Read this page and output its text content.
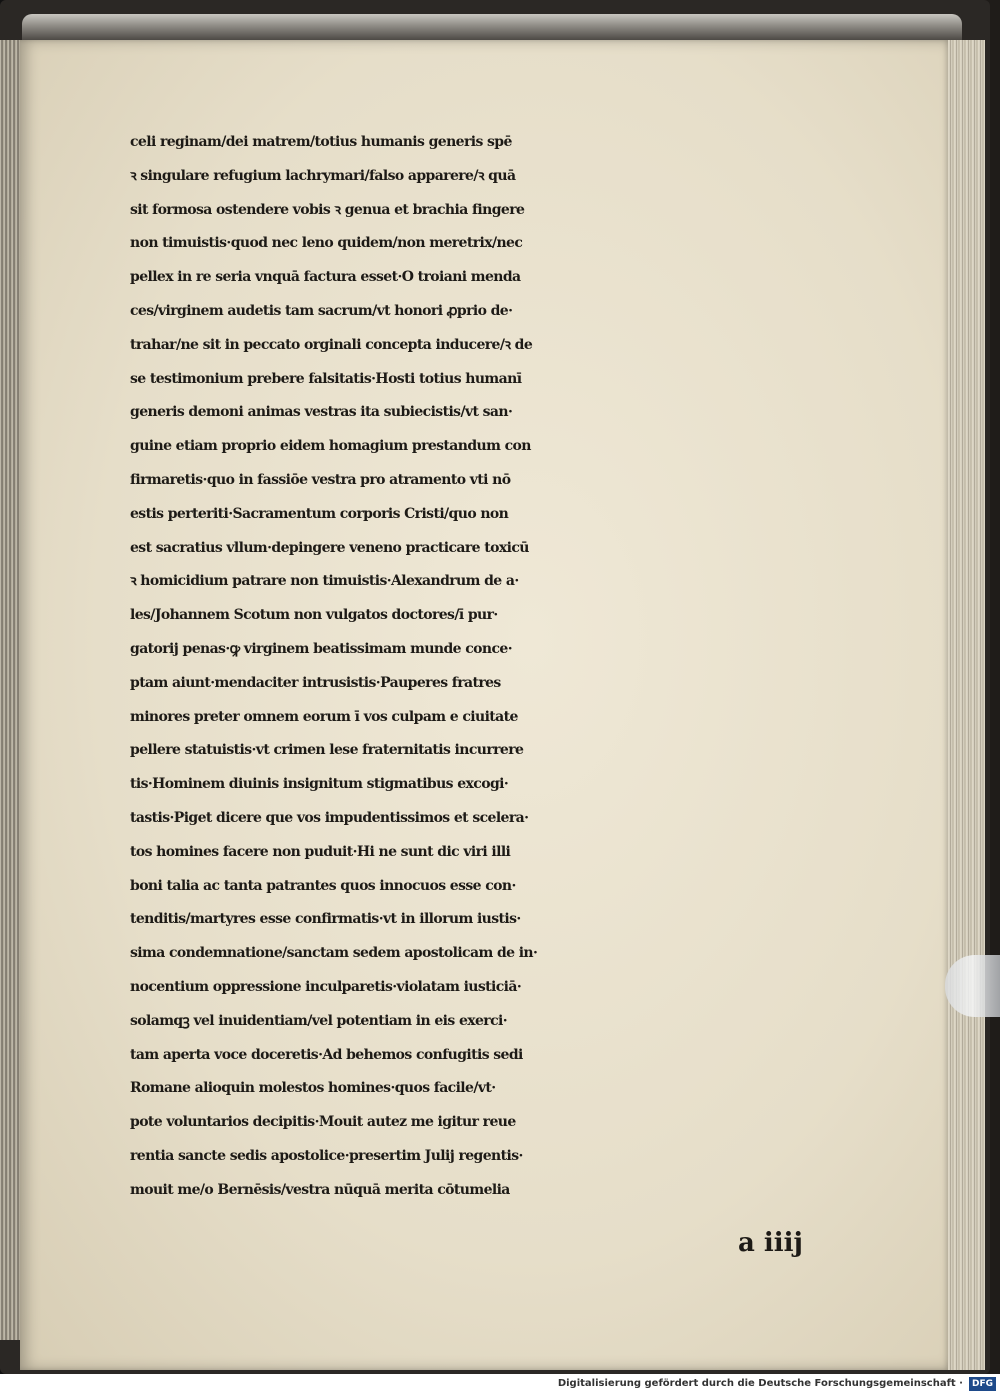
celi reginam/dei matrem/totius humanis generis spē
ꝛ singulare refugium lachrymari/falso apparere/ꝛ quā
sit formosa ostendere vobis ꝛ genua et brachia fingere
non timuistis·quod nec leno quidem/non meretrix/nec
pellex in re seria vnquā factura esset·O troiani menda
ces/virginem audetis tam sacrum/vt honori ꝓprio de·
trahar/ne sit in peccato orginali concepta inducere/ꝛ de
se testimonium prebere falsitatis·Hosti totius humanī
generis demoni animas vestras ita subiecistis/vt san·
guine etiam proprio eidem homagium prestandum con
firmaretis·quo in fassiōe vestra pro atramento vti nō
estis perteriti·Sacramentum corporis Cristi/quo non
est sacratius vllum·depingere veneno practicare toxicū
ꝛ homicidium patrare non timuistis·Alexandrum de a·
les/Johannem Scotum non vulgatos doctores/ī pur·
gatorij penas·ꝙ virginem beatissimam munde conce·
ptam aiunt·mendaciter intrusistis·Pauperes fratres
minores preter omnem eorum ī vos culpam e ciuitate
pellere statuistis·vt crimen lese fraternitatis incurrere
tis·Hominem diuinis insignitum stigmatibus excogi·
tastis·Piget dicere que vos impudentissimos et scelera·
tos homines facere non puduit·Hi ne sunt dic viri illi
boni talia ac tanta patrantes quos innocuos esse con·
tenditis/martyres esse confirmatis·vt in illorum iustis·
sima condemnatione/sanctam sedem apostolicam de in·
nocentium oppressione inculparetis·violatam iusticiā·
solamqꝫ vel inuidentiam/vel potentiam in eis exerci·
tam aperta voce doceretis·Ad behemos confugitis sedi
Romane alioquin molestos homines·quos facile/vt·
pote voluntarios decipitis·Mouit autez me igitur reue
rentia sancte sedis apostolice·presertim Julij regentis·
mouit me/o Bernēsis/vestra nūquā merita cōtumelia
a iiij
Digitalisierung gefördert durch die Deutsche Forschungsgemeinschaft · DFG
